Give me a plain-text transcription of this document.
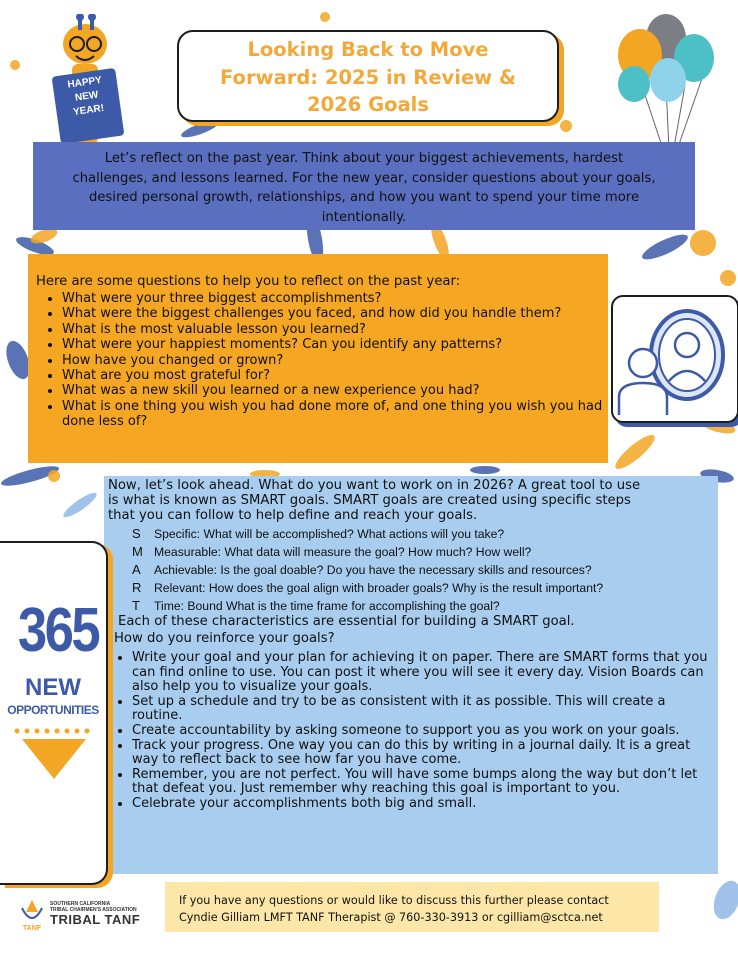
HAPPY
NEW
YEAR!
Looking Back to Move
Forward: 2025 in Review &
2026 Goals
Let’s reflect on the past year. Think about your biggest achievements, hardest
challenges, and lessons learned. For the new year, consider questions about your goals,
desired personal growth, relationships, and how you want to spend your time more
intentionally.
Here are some questions to help you to reflect on the past year:
• What were your three biggest accomplishments?
• What were the biggest challenges you faced, and how did you handle them?
• What is the most valuable lesson you learned?
• What were your happiest moments? Can you identify any patterns?
• How have you changed or grown?
• What are you most grateful for?
• What was a new skill you learned or a new experience you had?
• What is one thing you wish you had done more of, and one thing you wish you had done less of?
Now, let’s look ahead. What do you want to work on in 2026? A great tool to use
is what is known as SMART goals. SMART goals are created using specific steps
that you can follow to help define and reach your goals.
S Specific: What will be accomplished? What actions will you take?
M Measurable: What data will measure the goal? How much? How well?
A Achievable: Is the goal doable? Do you have the necessary skills and resources?
R Relevant: How does the goal align with broader goals? Why is the result important?
T Time: Bound What is the time frame for accomplishing the goal?
Each of these characteristics are essential for building a SMART goal.
How do you reinforce your goals?
• Write your goal and your plan for achieving it on paper. There are SMART forms that you can find online to use. You can post it where you will see it every day. Vision Boards can also help you to visualize your goals.
• Set up a schedule and try to be as consistent with it as possible. This will create a routine.
• Create accountability by asking someone to support you as you work on your goals.
• Track your progress. One way you can do this by writing in a journal daily. It is a great way to reflect back to see how far you have come.
• Remember, you are not perfect. You will have some bumps along the way but don’t let that defeat you. Just remember why reaching this goal is important to you.
• Celebrate your accomplishments both big and small.
365
NEW
OPPORTUNITIES
TANF
SOUTHERN CALIFORNIA
TRIBAL CHAIRMEN'S ASSOCIATION
TRIBAL TANF
If you have any questions or would like to discuss this further please contact
Cyndie Gilliam LMFT TANF Therapist @ 760-330-3913 or cgilliam@sctca.net
